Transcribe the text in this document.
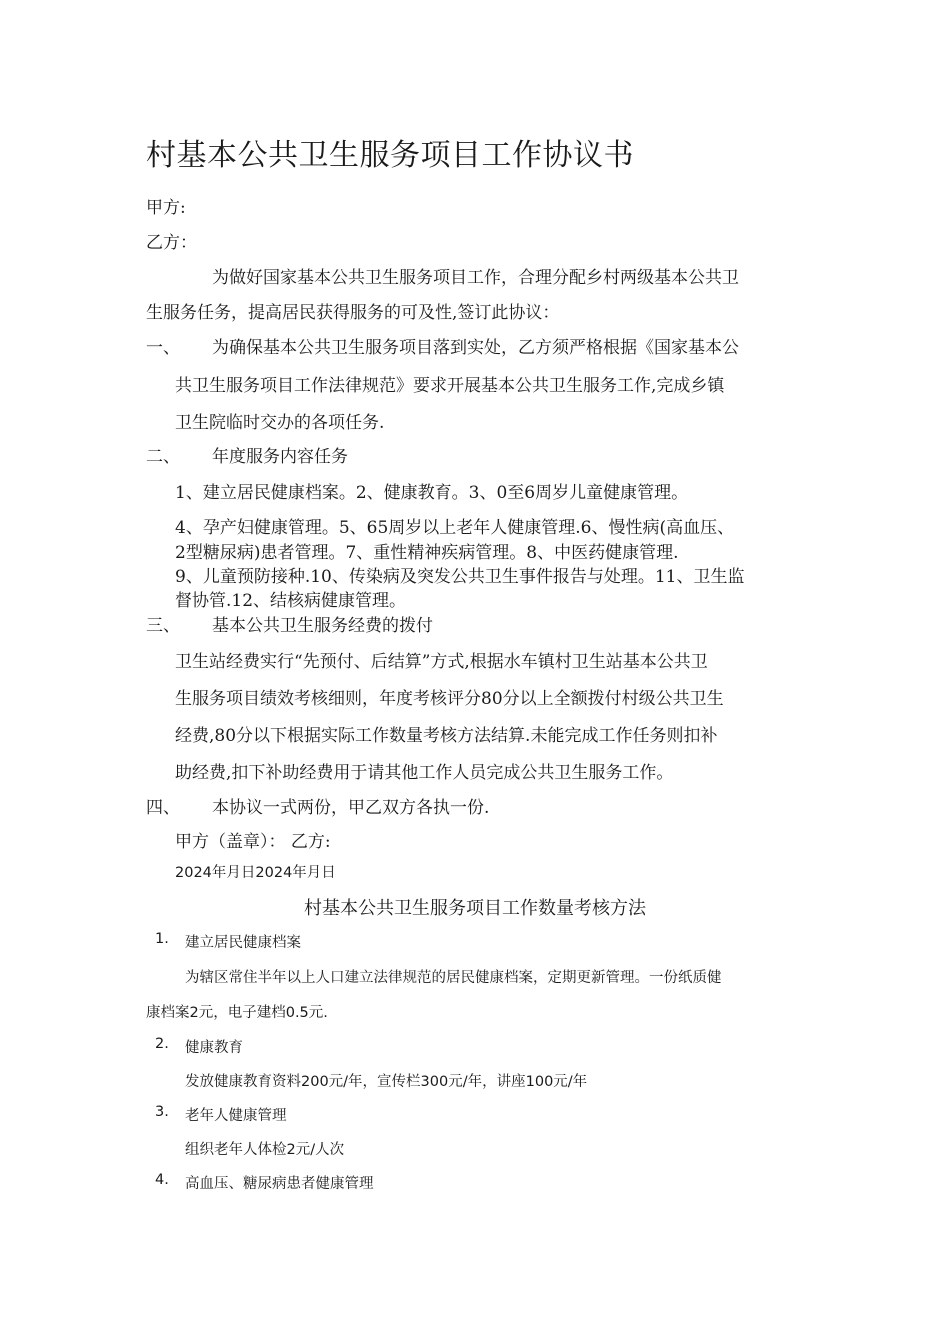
村基本公共卫生服务项目工作协议书
甲方:
乙方：
为做好国家基本公共卫生服务项目工作，合理分配乡村两级基本公共卫
生服务任务，提高居民获得服务的可及性,签订此协议：
一、 为确保基本公共卫生服务项目落到实处，乙方须严格根据《国家基本公
共卫生服务项目工作法律规范》要求开展基本公共卫生服务工作,完成乡镇
卫生院临时交办的各项任务.
二、 年度服务内容任务
1、建立居民健康档案。2、健康教育。3、0至6周岁儿童健康管理。
4、孕产妇健康管理。5、65周岁以上老年人健康管理.6、慢性病(高血压、
2型糖尿病)患者管理。7、重性精神疾病管理。8、中医药健康管理.
9、儿童预防接种.10、传染病及突发公共卫生事件报告与处理。11、卫生监
督协管.12、结核病健康管理。
三、 基本公共卫生服务经费的拨付
卫生站经费实行“先预付、后结算”方式,根据水车镇村卫生站基本公共卫
生服务项目绩效考核细则，年度考核评分80分以上全额拨付村级公共卫生
经费,80分以下根据实际工作数量考核方法结算.未能完成工作任务则扣补
助经费,扣下补助经费用于请其他工作人员完成公共卫生服务工作。
四、 本协议一式两份，甲乙双方各执一份.
甲方（盖章）： 乙方:
2024年月日2024年月日
村基本公共卫生服务项目工作数量考核方法
1. 建立居民健康档案
为辖区常住半年以上人口建立法律规范的居民健康档案，定期更新管理。一份纸质健
康档案2元，电子建档0.5元.
2. 健康教育
发放健康教育资料200元/年，宣传栏300元/年，讲座100元/年
3. 老年人健康管理
组织老年人体检2元/人次
4. 高血压、糖尿病患者健康管理
